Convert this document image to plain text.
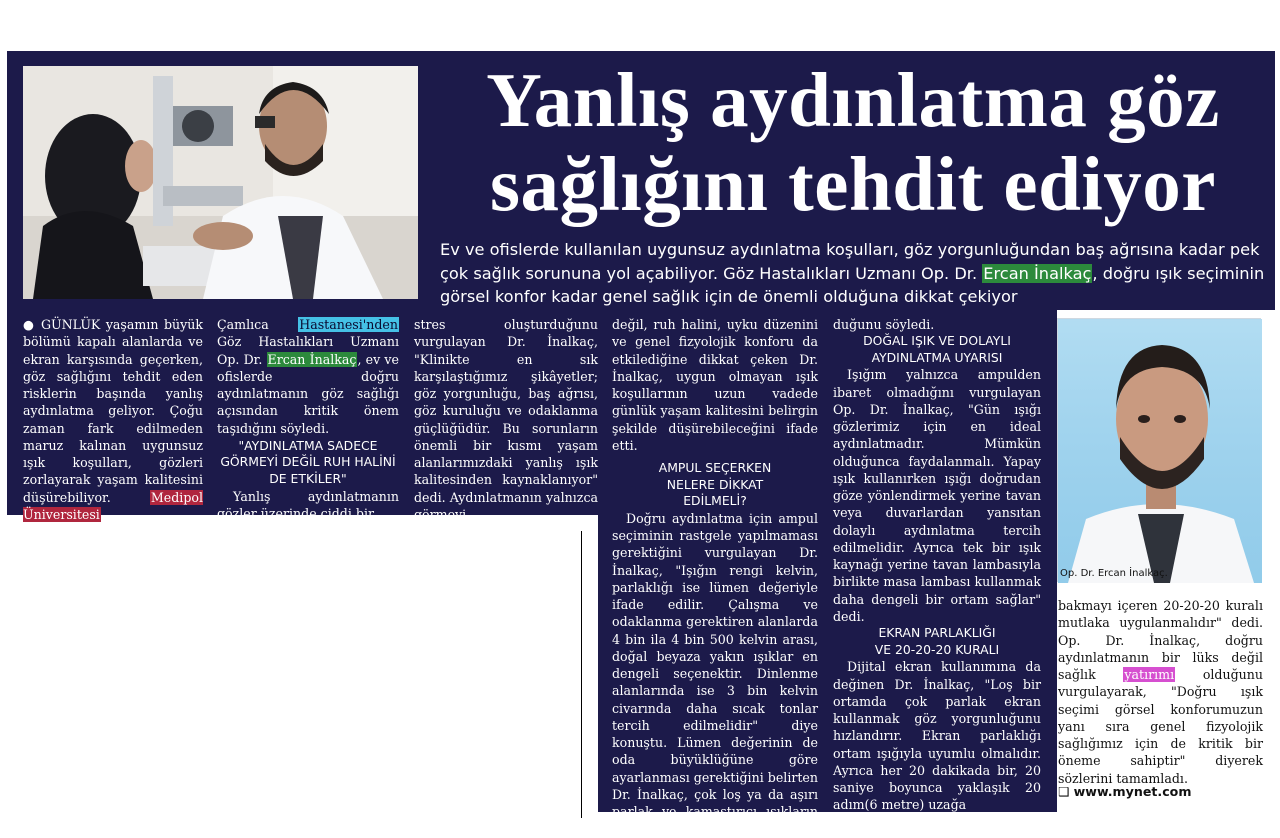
Yanlış aydınlatma göz
sağlığını tehdit ediyor
Ev ve ofislerde kullanılan uygunsuz aydınlatma koşulları, göz yorgunluğundan baş ağrısına kadar pek çok sağlık sorununa yol açabiliyor. Göz Hastalıkları Uzmanı Op. Dr. Ercan İnalkaç, doğru ışık seçiminin görsel konfor kadar genel sağlık için de önemli olduğuna dikkat çekiyor

● GÜNLÜK yaşamın büyük bölümü kapalı alanlarda ve ekran karşısında geçerken, göz sağlığını tehdit eden risklerin başında yanlış aydınlatma geliyor. Çoğu zaman fark edilmeden maruz kalınan uygunsuz ışık koşulları, gözleri zorlayarak yaşam kalitesini düşürebiliyor. Medipol Üniversitesi

Çamlıca Hastanesi'nden Göz Hastalıkları Uzmanı Op. Dr. Ercan İnalkaç, ev ve ofislerde doğru aydınlatmanın göz sağlığı açısından kritik önem taşıdığını söyledi.

"AYDINLATMA SADECE GÖRMEYİ DEĞİL RUH HALİNİ DE ETKİLER"

Yanlış aydınlatmanın gözler üzerinde ciddi bir

stres oluşturduğunu vurgulayan Dr. İnalkaç, "Klinikte en sık karşılaştığımız şikâyetler; göz yorgunluğu, baş ağrısı, göz kuruluğu ve odaklanma güçlüğüdür. Bu sorunların önemli bir kısmı yaşam alanlarımızdaki yanlış ışık kalitesinden kaynaklanıyor" dedi. Aydınlatmanın yalnızca görmeyi

değil, ruh halini, uyku düzenini ve genel fizyolojik konforu da etkilediğine dikkat çeken Dr. İnalkaç, uygun olmayan ışık koşullarının uzun vadede günlük yaşam kalitesini belirgin şekilde düşürebileceğini ifade etti.

AMPUL SEÇERKEN NELERE DİKKAT EDİLMELİ?

Doğru aydınlatma için ampul seçiminin rastgele yapılmaması gerektiğini vurgulayan Dr. İnalkaç, "Işığın rengi kelvin, parlaklığı ise lümen değeriyle ifade edilir. Çalışma ve odaklanma gerektiren alanlarda 4 bin ila 4 bin 500 kelvin arası, doğal beyaza yakın ışıklar en dengeli seçenektir. Dinlenme alanlarında ise 3 bin kelvin civarında daha sıcak tonlar tercih edilmelidir" diye konuştu. Lümen değerinin de oda büyüklüğüne göre ayarlanması gerektiğini belirten Dr. İnalkaç, çok loş ya da aşırı parlak ve kamaştırıcı ışıkların gözleri daha hızlı yor-

duğunu söyledi.

DOĞAL IŞIK VE DOLAYLI AYDINLATMA UYARISI

Işığım yalnızca ampulden ibaret olmadığını vurgulayan Op. Dr. İnalkaç, "Gün ışığı gözlerimiz için en ideal aydınlatmadır. Mümkün olduğunca faydalanmalı. Yapay ışık kullanırken ışığı doğrudan göze yönlendirmek yerine tavan veya duvarlardan yansıtan dolaylı aydınlatma tercih edilmelidir. Ayrıca tek bir ışık kaynağı yerine tavan lambasıyla birlikte masa lambası kullanmak daha dengeli bir ortam sağlar" dedi.

EKRAN PARLAKLIĞI VE 20-20-20 KURALI

Dijital ekran kullanımına da değinen Dr. İnalkaç, "Loş bir ortamda çok parlak ekran kullanmak göz yorgunluğunu hızlandırır. Ekran parlaklığı ortam ışığıyla uyumlu olmalıdır. Ayrıca her 20 dakikada bir, 20 saniye boyunca yaklaşık 20 adım(6 metre) uzağa

Op. Dr. Ercan İnalkaç.

bakmayı içeren 20-20-20 kuralı mutlaka uygulanmalıdır" dedi. Op. Dr. İnalkaç, doğru aydınlatmanın bir lüks değil sağlık yatırımı olduğunu vurgulayarak, "Doğru ışık seçimi görsel konforumuzun yanı sıra genel fizyolojik sağlığımız için de kritik bir öneme sahiptir" diyerek sözlerini tamamladı.

❑ www.mynet.com
